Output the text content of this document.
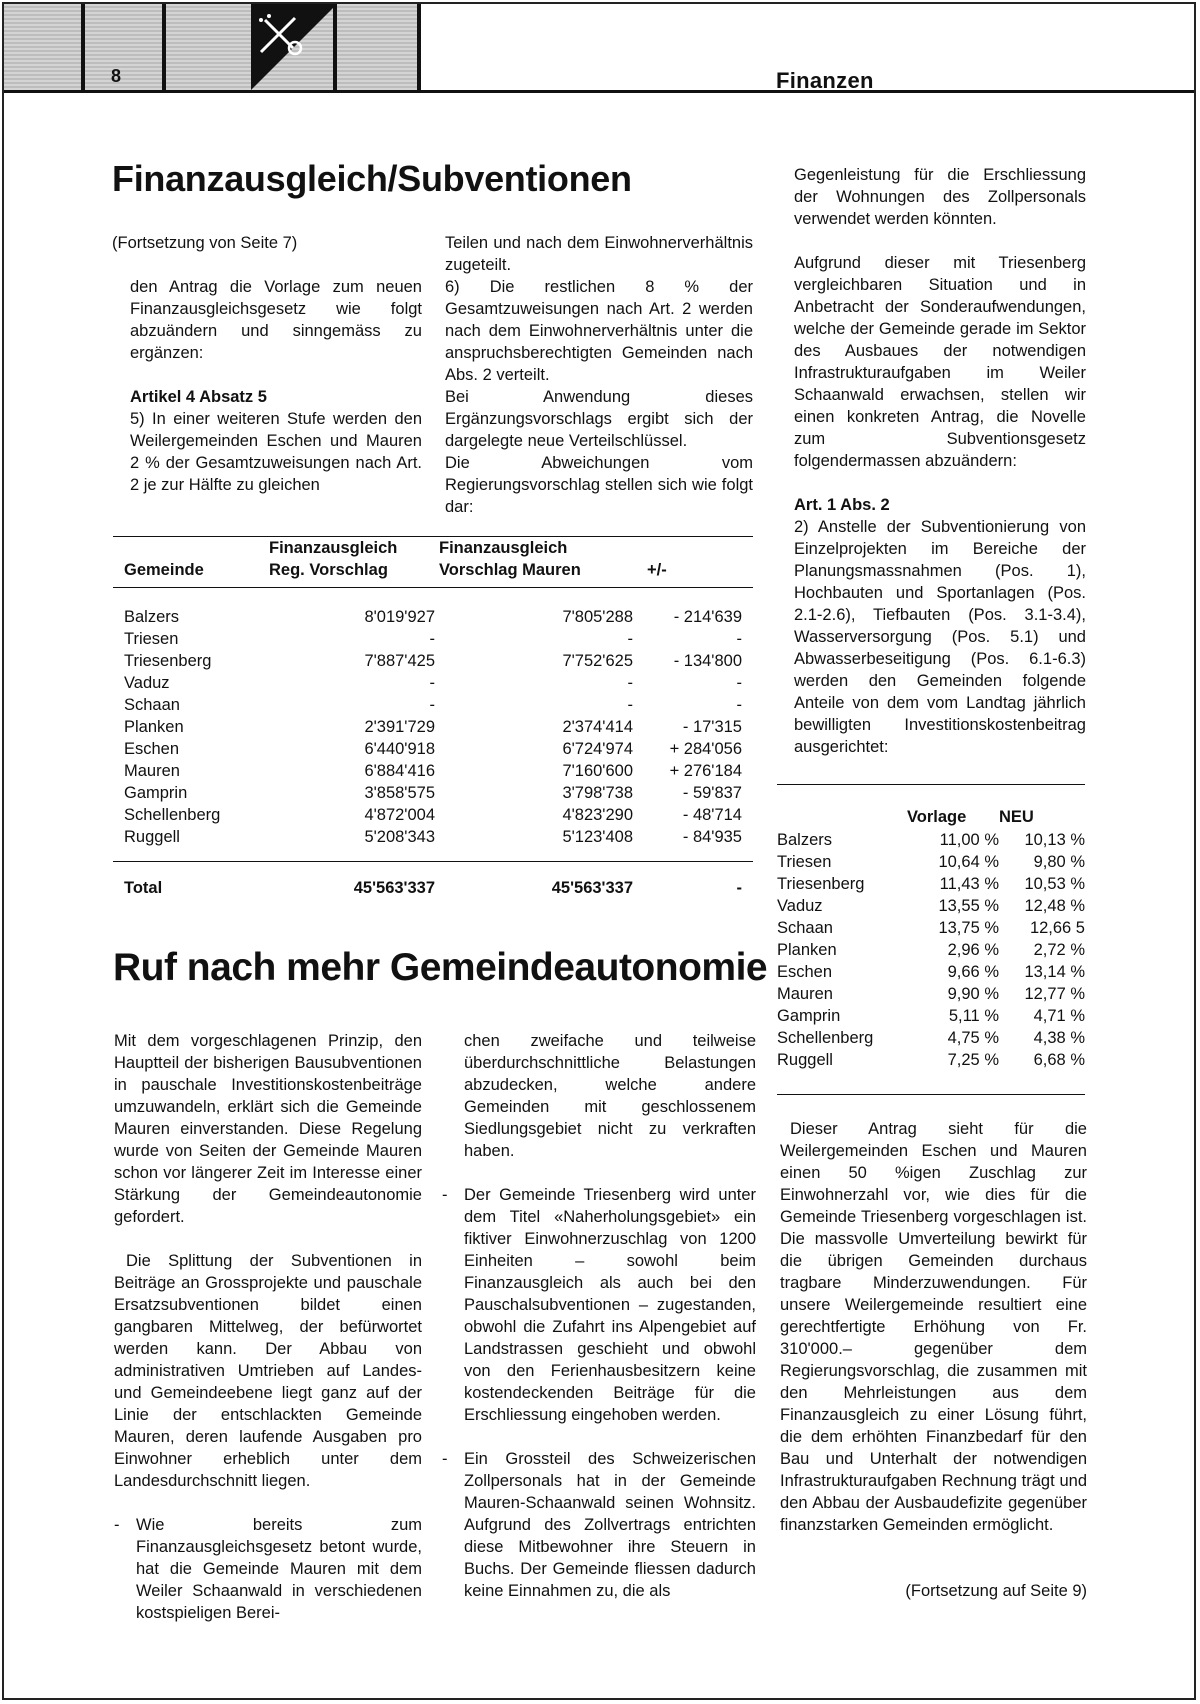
8	Finanzen
Finanzausgleich/Subventionen

(Fortsetzung von Seite 7)

den Antrag die Vorlage zum neuen Finanzausgleichsgesetz wie folgt abzuändern und sinngemäss zu ergänzen:

Artikel 4 Absatz 5

5) In einer weiteren Stufe werden den Weilergemeinden Eschen und Mauren 2 % der Gesamtzuweisungen nach Art. 2 je zur Hälfte zu gleichen

Teilen und nach dem Einwohnerverhältnis zugeteilt.

6) Die restlichen 8 % der Gesamtzuweisungen nach Art. 2 werden nach dem Einwohnerverhältnis unter die anspruchsberechtigten Gemeinden nach Abs. 2 verteilt.

Bei Anwendung dieses Ergänzungsvorschlags ergibt sich der dargelegte neue Verteilschlüssel.

Die Abweichungen vom Regierungsvorschlag stellen sich wie folgt dar:

	Finanzausgleich	Finanzausgleich	
Gemeinde	Reg. Vorschlag	Vorschlag Mauren	+/-
Balzers	8'019'927	7'805'288	- 214'639
Triesen	-	-	-
Triesenberg	7'887'425	7'752'625	- 134'800
Vaduz	-	-	-
Schaan	-	-	-
Planken	2'391'729	2'374'414	- 17'315
Eschen	6'440'918	6'724'974	+ 284'056
Mauren	6'884'416	7'160'600	+ 276'184
Gamprin	3'858'575	3'798'738	- 59'837
Schellenberg	4'872'004	4'823'290	- 48'714
Ruggell	5'208'343	5'123'408	- 84'935
Total	45'563'337	45'563'337	-
Ruf nach mehr Gemeindeautonomie

Mit dem vorgeschlagenen Prinzip, den Hauptteil der bisherigen Bausubventionen in pauschale Investitionskostenbeiträge umzuwandeln, erklärt sich die Gemeinde Mauren einverstanden. Diese Regelung wurde von Seiten der Gemeinde Mauren schon vor längerer Zeit im Interesse einer Stärkung der Gemeindeautonomie gefordert.

Die Splittung der Subventionen in Beiträge an Grossprojekte und pauschale Ersatzsubventionen bildet einen gangbaren Mittelweg, der befürwortet werden kann. Der Abbau von administrativen Umtrieben auf Landes- und Gemeindeebene liegt ganz auf der Linie der entschlackten Gemeinde Mauren, deren laufende Ausgaben pro Einwohner erheblich unter dem Landesdurchschnitt liegen.

- Wie bereits zum Finanzausgleichsgesetz betont wurde, hat die Gemeinde Mauren mit dem Weiler Schaanwald in verschiedenen kostspieligen Berei-

chen zweifache und teilweise überdurchschnittliche Belastungen abzudecken, welche andere Gemeinden mit geschlossenem Siedlungsgebiet nicht zu verkraften haben.

- Der Gemeinde Triesenberg wird unter dem Titel «Naherholungsgebiet» ein fiktiver Einwohnerzuschlag von 1200 Einheiten – sowohl beim Finanzausgleich als auch bei den Pauschalsubventionen – zugestanden, obwohl die Zufahrt ins Alpengebiet auf Landstrassen geschieht und obwohl von den Ferienhausbesitzern keine kostendeckenden Beiträge für die Erschliessung eingehoben werden.

- Ein Grossteil des Schweizerischen Zollpersonals hat in der Gemeinde Mauren-Schaanwald seinen Wohnsitz. Aufgrund des Zollvertrags entrichten diese Mitbewohner ihre Steuern in Buchs. Der Gemeinde fliessen dadurch keine Einnahmen zu, die als

Gegenleistung für die Erschliessung der Wohnungen des Zollpersonals verwendet werden könnten.

Aufgrund dieser mit Triesenberg vergleichbaren Situation und in Anbetracht der Sonderaufwendungen, welche der Gemeinde gerade im Sektor des Ausbaues der notwendigen Infrastrukturaufgaben im Weiler Schaanwald erwachsen, stellen wir einen konkreten Antrag, die Novelle zum Subventionsgesetz folgendermassen abzuändern:

Art. 1 Abs. 2

2) Anstelle der Subventionierung von Einzelprojekten im Bereiche der Planungsmassnahmen (Pos. 1), Hochbauten und Sportanlagen (Pos. 2.1-2.6), Tiefbauten (Pos. 3.1-3.4), Wasserversorgung (Pos. 5.1) und Abwasserbeseitigung (Pos. 6.1-6.3) werden den Gemeinden folgende Anteile von dem vom Landtag jährlich bewilligten Investitionskostenbeitrag ausgerichtet:

	Vorlage	NEU
Balzers	11,00 %	10,13 %
Triesen	10,64 %	9,80 %
Triesenberg	11,43 %	10,53 %
Vaduz	13,55 %	12,48 %
Schaan	13,75 %	12,66 5
Planken	2,96 %	2,72 %
Eschen	9,66 %	13,14 %
Mauren	9,90 %	12,77 %
Gamprin	5,11 %	4,71 %
Schellenberg	4,75 %	4,38 %
Ruggell	7,25 %	6,68 %

Dieser Antrag sieht für die Weilergemeinden Eschen und Mauren einen 50 %igen Zuschlag zur Einwohnerzahl vor, wie dies für die Gemeinde Triesenberg vorgeschlagen ist. Die massvolle Umverteilung bewirkt für die übrigen Gemeinden durchaus tragbare Minderzuwendungen. Für unsere Weilergemeinde resultiert eine gerechtfertigte Erhöhung von Fr. 310'000.– gegenüber dem Regierungsvorschlag, die zusammen mit den Mehrleistungen aus dem Finanzausgleich zu einer Lösung führt, die dem erhöhten Finanzbedarf für den Bau und Unterhalt der notwendigen Infrastrukturaufgaben Rechnung trägt und den Abbau der Ausbaudefizite gegenüber finanzstarken Gemeinden ermöglicht.

(Fortsetzung auf Seite 9)
